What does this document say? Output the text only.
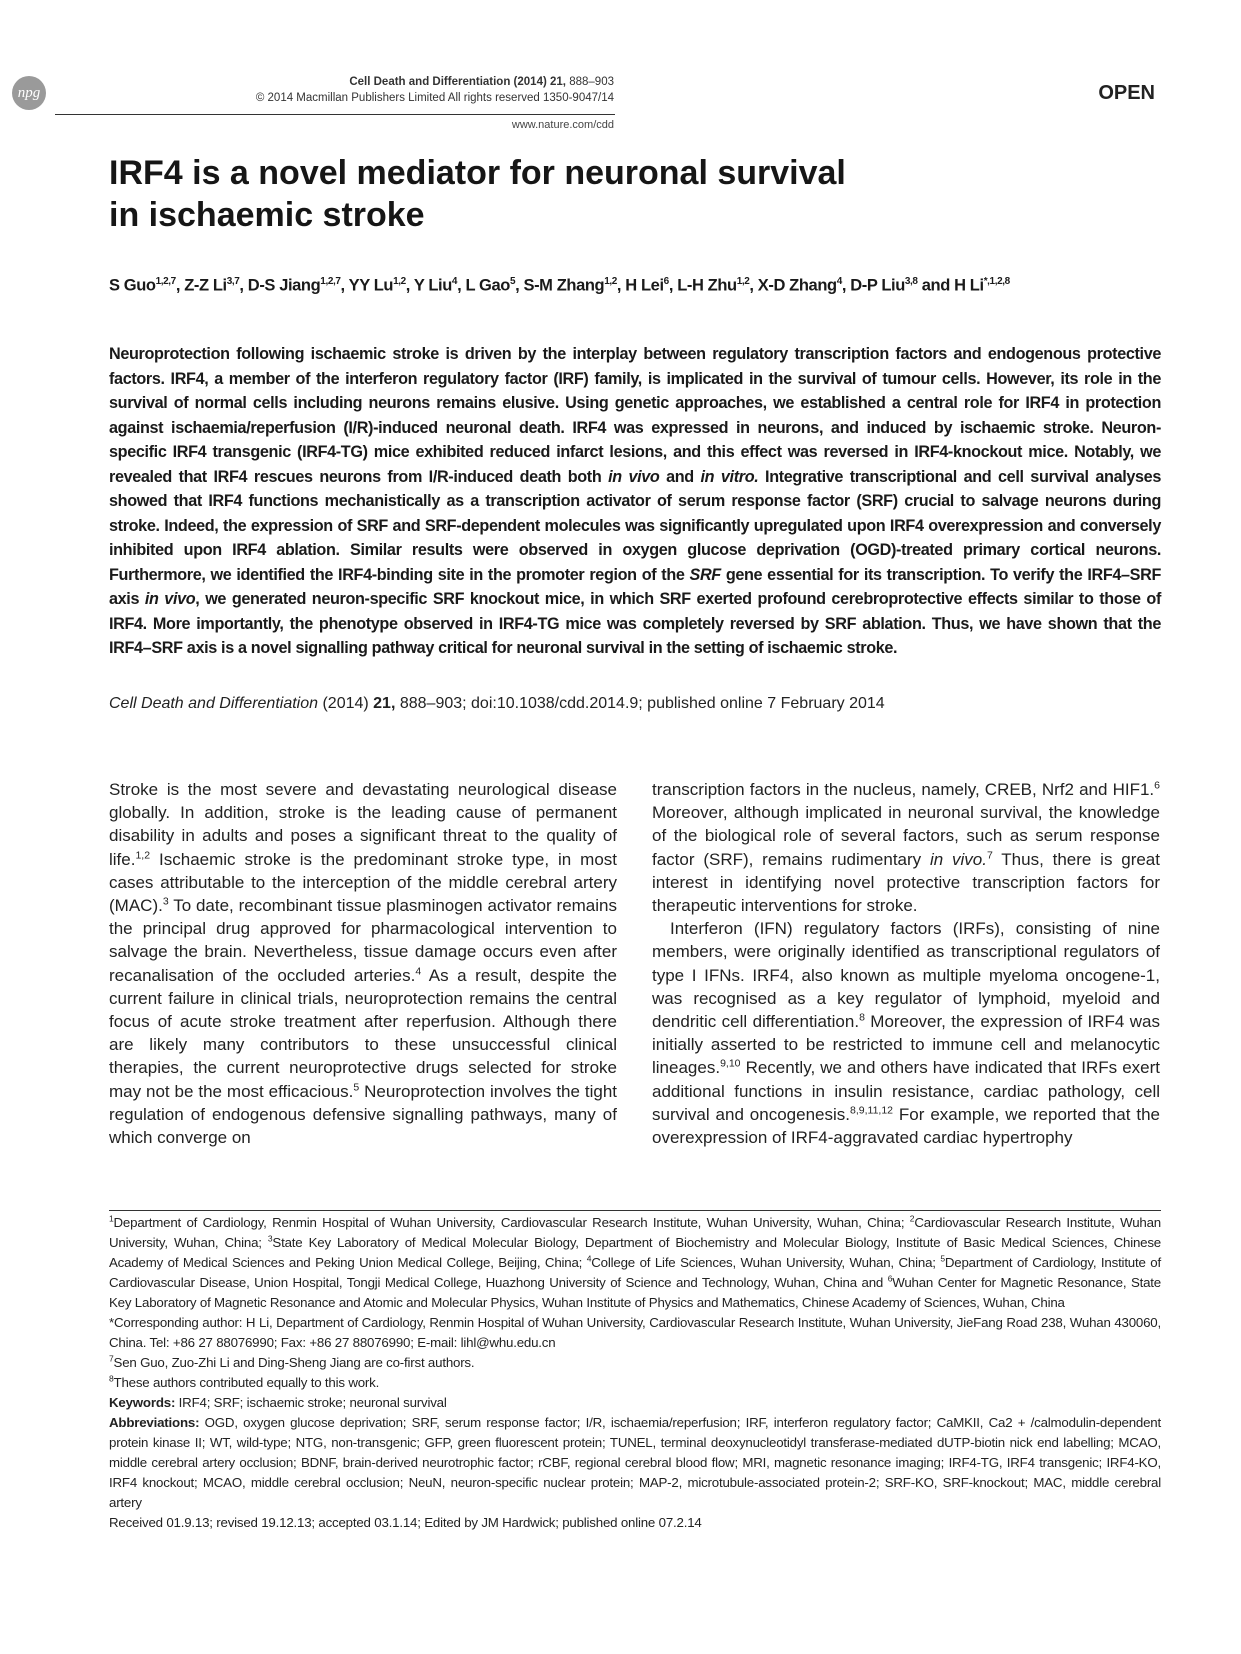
npg
Cell Death and Differentiation (2014) 21, 888–903
© 2014 Macmillan Publishers Limited All rights reserved 1350-9047/14
www.nature.com/cdd
OPEN
IRF4 is a novel mediator for neuronal survival
in ischaemic stroke
S Guo$^{1,2,7}$, Z-Z Li$^{3,7}$, D-S Jiang$^{1,2,7}$, YY Lu$^{1,2}$, Y Liu$^4$, L Gao$^5$, S-M Zhang$^{1,2}$, H Lei$^6$, L-H Zhu$^{1,2}$, X-D Zhang$^4$, D-P Liu$^{3,8}$ and H $Li^{*,1,2,8}$

Neuroprotection following ischaemic stroke is driven by the interplay between regulatory transcription factors and endogenous protective factors. IRF4, a member of the interferon regulatory factor (IRF) family, is implicated in the survival of tumour cells. However, its role in the survival of normal cells including neurons remains elusive. Using genetic approaches, we established a central role for IRF4 in protection against ischaemia/reperfusion (I/R)-induced neuronal death. IRF4 was expressed in neurons, and induced by ischaemic stroke. Neuron-specific IRF4 transgenic (IRF4-TG) mice exhibited reduced infarct lesions, and this effect was reversed in IRF4-knockout mice. Notably, we revealed that IRF4 rescues neurons from I/R-induced death both in vivo and in vitro. Integrative transcriptional and cell survival analyses showed that IRF4 functions mechanistically as a transcription activator of serum response factor (SRF) crucial to salvage neurons during stroke. Indeed, the expression of SRF and SRF-dependent molecules was significantly upregulated upon IRF4 overexpression and conversely inhibited upon IRF4 ablation. Similar results were observed in oxygen glucose deprivation (OGD)-treated primary cortical neurons. Furthermore, we identified the IRF4-binding site in the promoter region of the SRF gene essential for its transcription. To verify the IRF4–SRF axis in vivo, we generated neuron-specific SRF knockout mice, in which SRF exerted profound cerebroprotective effects similar to those of IRF4. More importantly, the phenotype observed in IRF4-TG mice was completely reversed by SRF ablation. Thus, we have shown that the IRF4–SRF axis is a novel signalling pathway critical for neuronal survival in the setting of ischaemic stroke.

Cell Death and Differentiation (2014) 21, 888–903; doi:10.1038/cdd.2014.9; published online 7 February 2014

Stroke is the most severe and devastating neurological disease globally. In addition, stroke is the leading cause of permanent disability in adults and poses a significant threat to the quality of life.$^{1,2}$ Ischaemic stroke is the predominant stroke type, in most cases attributable to the interception of the middle cerebral artery (MAC).$^3$ To date, recombinant tissue plasminogen activator remains the principal drug approved for pharmacological intervention to salvage the brain. Nevertheless, tissue damage occurs even after recanalisation of the occluded arteries.$^4$ As a result, despite the current failure in clinical trials, neuroprotection remains the central focus of acute stroke treatment after reperfusion. Although there are likely many contributors to these unsuccessful clinical therapies, the current neuroprotective drugs selected for stroke may not be the most efficacious.$^5$ Neuroprotection involves the tight regulation of endogenous defensive signalling pathways, many of which converge on

transcription factors in the nucleus, namely, CREB, Nrf2 and HIF1.$^6$ Moreover, although implicated in neuronal survival, the knowledge of the biological role of several factors, such as serum response factor (SRF), remains rudimentary in vivo.$^7$ Thus, there is great interest in identifying novel protective transcription factors for therapeutic interventions for stroke.

Interferon (IFN) regulatory factors (IRFs), consisting of nine members, were originally identified as transcriptional regulators of type I IFNs. IRF4, also known as multiple myeloma oncogene-1, was recognised as a key regulator of lymphoid, myeloid and dendritic cell differentiation.$^8$ Moreover, the expression of IRF4 was initially asserted to be restricted to immune cell and melanocytic lineages.$^{9,10}$ Recently, we and others have indicated that IRFs exert additional functions in insulin resistance, cardiac pathology, cell survival and oncogenesis.$^{8,9,11,12}$ For example, we reported that the overexpression of IRF4-aggravated cardiac hypertrophy

$^1$Department of Cardiology, Renmin Hospital of Wuhan University, Cardiovascular Research Institute, Wuhan University, Wuhan, China; $^2$Cardiovascular Research Institute, Wuhan University, Wuhan, China; $^3$State Key Laboratory of Medical Molecular Biology, Department of Biochemistry and Molecular Biology, Institute of Basic Medical Sciences, Chinese Academy of Medical Sciences and Peking Union Medical College, Beijing, China; $^4$College of Life Sciences, Wuhan University, Wuhan, China; $^5$Department of Cardiology, Institute of Cardiovascular Disease, Union Hospital, Tongji Medical College, Huazhong University of Science and Technology, Wuhan, China and $^6$Wuhan Center for Magnetic Resonance, State Key Laboratory of Magnetic Resonance and Atomic and Molecular Physics, Wuhan Institute of Physics and Mathematics, Chinese Academy of Sciences, Wuhan, China

*Corresponding author: H Li, Department of Cardiology, Renmin Hospital of Wuhan University, Cardiovascular Research Institute, Wuhan University, JieFang Road 238, Wuhan 430060, China. Tel: +86 27 88076990; Fax: +86 27 88076990; E-mail: lihl@whu.edu.cn

$^7$Sen Guo, Zuo-Zhi Li and Ding-Sheng Jiang are co-first authors.

$^8$These authors contributed equally to this work.

Keywords: IRF4; SRF; ischaemic stroke; neuronal survival

Abbreviations: OGD, oxygen glucose deprivation; SRF, serum response factor; I/R, ischaemia/reperfusion; IRF, interferon regulatory factor; CaMKII, Ca2 + /calmodulin-dependent protein kinase II; WT, wild-type; NTG, non-transgenic; GFP, green fluorescent protein; TUNEL, terminal deoxynucleotidyl transferase-mediated dUTP-biotin nick end labelling; MCAO, middle cerebral artery occlusion; BDNF, brain-derived neurotrophic factor; rCBF, regional cerebral blood flow; MRI, magnetic resonance imaging; IRF4-TG, IRF4 transgenic; IRF4-KO, IRF4 knockout; MCAO, middle cerebral occlusion; NeuN, neuron-specific nuclear protein; MAP-2, microtubule-associated protein-2; SRF-KO, SRF-knockout; MAC, middle cerebral artery

Received 01.9.13; revised 19.12.13; accepted 03.1.14; Edited by JM Hardwick; published online 07.2.14
